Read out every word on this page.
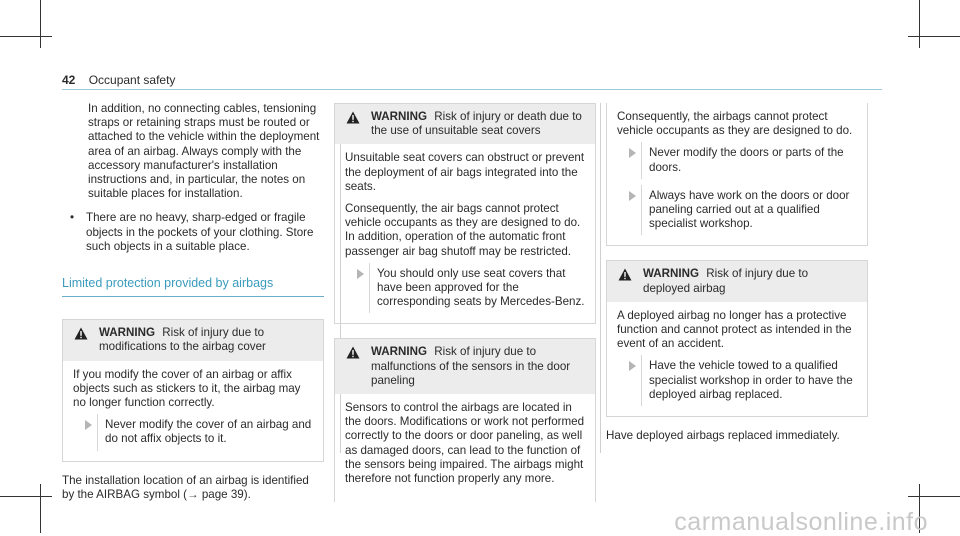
42 Occupant safety

In addition, no connecting cables, tensioning straps or retaining straps must be routed or attached to the vehicle within the deployment area of an airbag. Always comply with the accessory manufacturer's installation instructions and, in particular, the notes on suitable places for installation.

• There are no heavy, sharp-edged or fragile objects in the pockets of your clothing. Store such objects in a suitable place.
Limited protection provided by airbags
WARNING Risk of injury due to modifications to the airbag cover

If you modify the cover of an airbag or affix objects such as stickers to it, the airbag may no longer function correctly.

Never modify the cover of an airbag and do not affix objects to it.

The installation location of an airbag is identified by the AIRBAG symbol (→ page 39).

WARNING Risk of injury or death due to the use of unsuitable seat covers

Unsuitable seat covers can obstruct or prevent the deployment of air bags integrated into the seats.

Consequently, the air bags cannot protect vehicle occupants as they are designed to do. In addition, operation of the automatic front passenger air bag shutoff may be restricted.

You should only use seat covers that have been approved for the corresponding seats by Mercedes-Benz.
WARNING Risk of injury due to malfunctions of the sensors in the door paneling

Sensors to control the airbags are located in the doors. Modifications or work not performed correctly to the doors or door paneling, as well as damaged doors, can lead to the function of the sensors being impaired. The airbags might therefore not function properly any more.

Consequently, the airbags cannot protect vehicle occupants as they are designed to do.

Never modify the doors or parts of the doors.
Always have work on the doors or door paneling carried out at a qualified specialist workshop.
WARNING Risk of injury due to deployed airbag

A deployed airbag no longer has a protective function and cannot protect as intended in the event of an accident.

Have the vehicle towed to a qualified specialist workshop in order to have the deployed airbag replaced.

Have deployed airbags replaced immediately.

carmanualsonline.info
